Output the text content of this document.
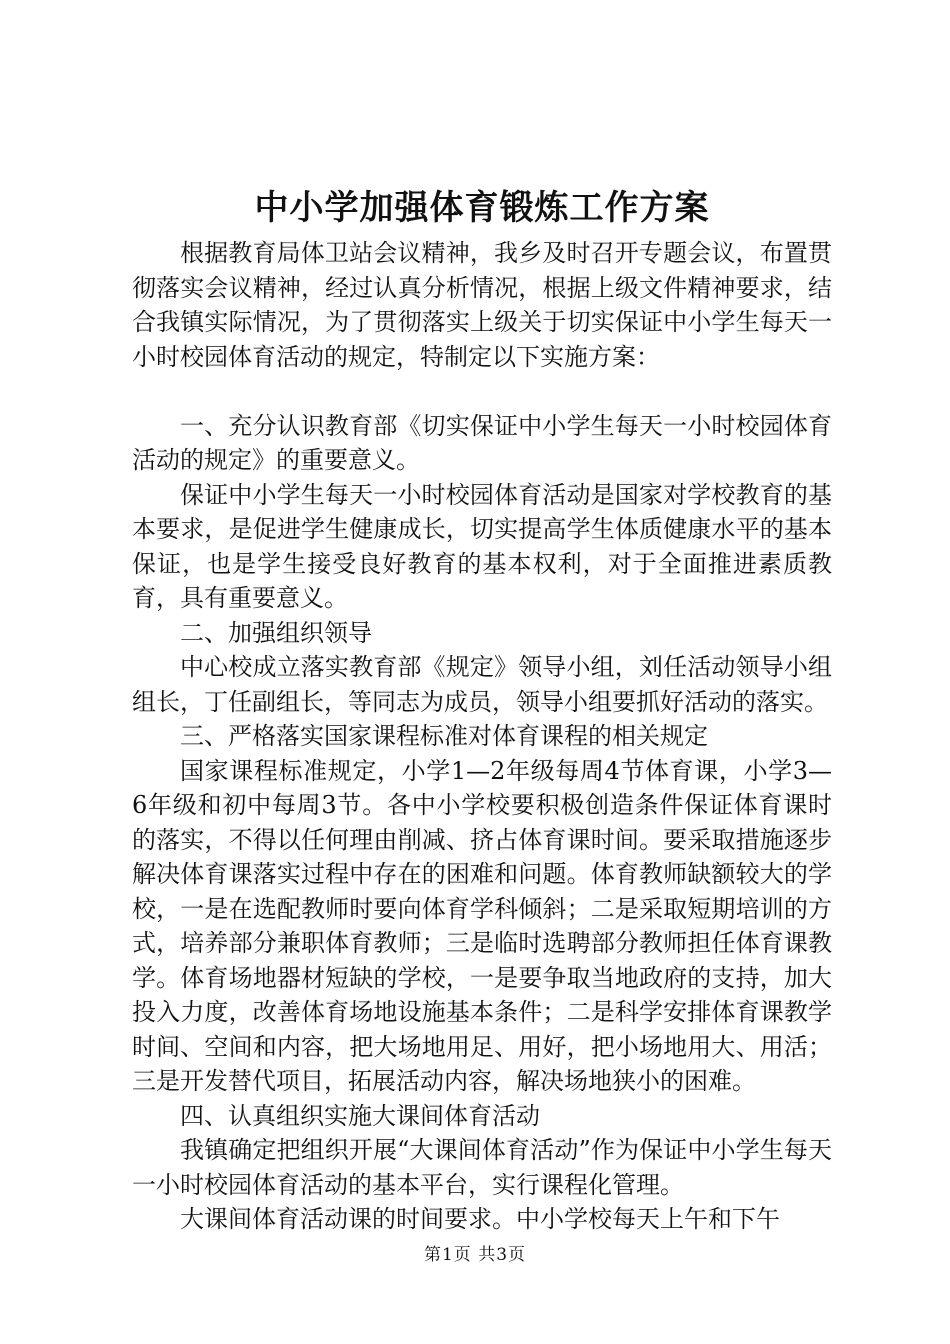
中小学加强体育锻炼工作方案

根据教育局体卫站会议精神，我乡及时召开专题会议，布置贯彻落实会议精神，经过认真分析情况，根据上级文件精神要求，结合我镇实际情况，为了贯彻落实上级关于切实保证中小学生每天一小时校园体育活动的规定，特制定以下实施方案：

一、充分认识教育部《切实保证中小学生每天一小时校园体育活动的规定》的重要意义。

保证中小学生每天一小时校园体育活动是国家对学校教育的基本要求，是促进学生健康成长，切实提高学生体质健康水平的基本保证，也是学生接受良好教育的基本权利，对于全面推进素质教育，具有重要意义。

二、加强组织领导

中心校成立落实教育部《规定》领导小组，刘任活动领导小组组长，丁任副组长，等同志为成员，领导小组要抓好活动的落实。

三、严格落实国家课程标准对体育课程的相关规定

国家课程标准规定，小学1—2年级每周4节体育课，小学3—6年级和初中每周3节。各中小学校要积极创造条件保证体育课时的落实，不得以任何理由削减、挤占体育课时间。要采取措施逐步解决体育课落实过程中存在的困难和问题。体育教师缺额较大的学校，一是在选配教师时要向体育学科倾斜；二是采取短期培训的方式，培养部分兼职体育教师；三是临时选聘部分教师担任体育课教学。体育场地器材短缺的学校，一是要争取当地政府的支持，加大投入力度，改善体育场地设施基本条件；二是科学安排体育课教学时间、空间和内容，把大场地用足、用好，把小场地用大、用活；三是开发替代项目，拓展活动内容，解决场地狭小的困难。

四、认真组织实施大课间体育活动

我镇确定把组织开展“大课间体育活动”作为保证中小学生每天一小时校园体育活动的基本平台，实行课程化管理。

大课间体育活动课的时间要求。中小学校每天上午和下午

第1页 共3页
